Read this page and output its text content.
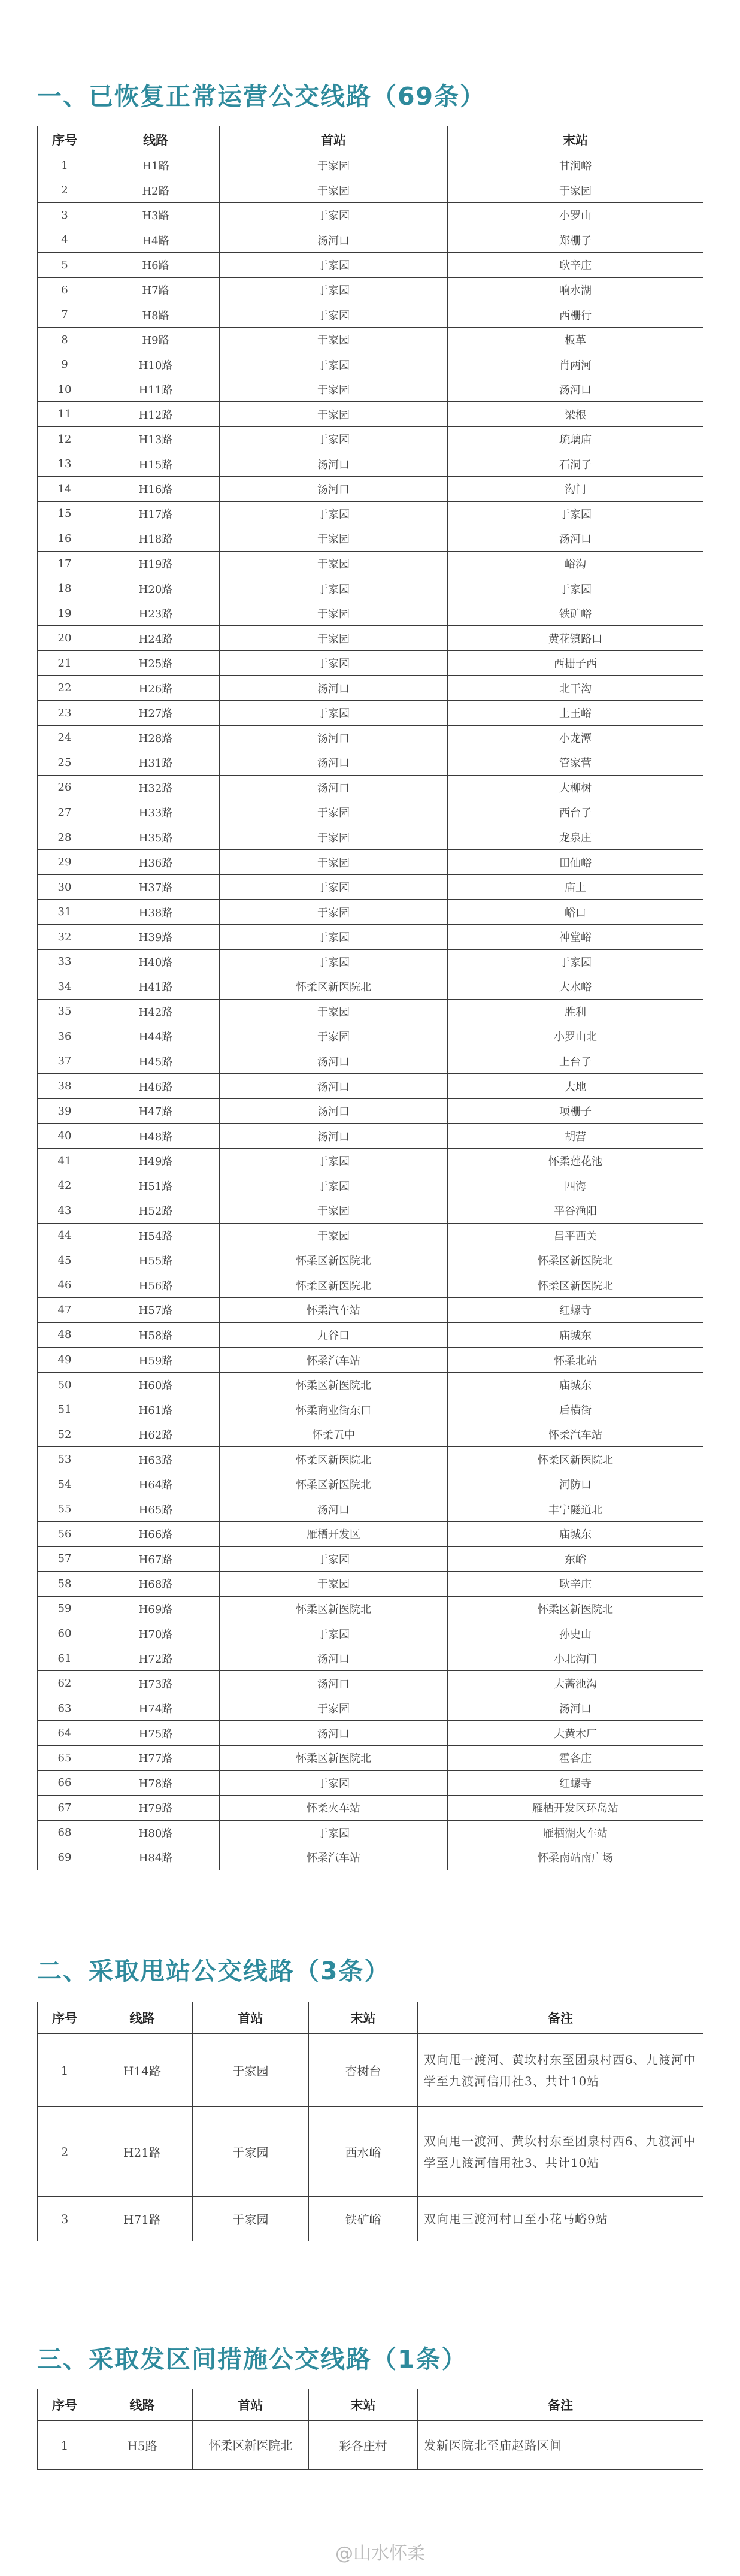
一、已恢复正常运营公交线路（69条）
序号	线路	首站	末站
1	H1路	于家园	甘涧峪
2	H2路	于家园	于家园
3	H3路	于家园	小罗山
4	H4路	汤河口	郑栅子
5	H6路	于家园	耿辛庄
6	H7路	于家园	响水湖
7	H8路	于家园	西栅行
8	H9路	于家园	板革
9	H10路	于家园	肖两河
10	H11路	于家园	汤河口
11	H12路	于家园	梁根
12	H13路	于家园	琉璃庙
13	H15路	汤河口	石洞子
14	H16路	汤河口	沟门
15	H17路	于家园	于家园
16	H18路	于家园	汤河口
17	H19路	于家园	峪沟
18	H20路	于家园	于家园
19	H23路	于家园	铁矿峪
20	H24路	于家园	黄花镇路口
21	H25路	于家园	西栅子西
22	H26路	汤河口	北干沟
23	H27路	于家园	上王峪
24	H28路	汤河口	小龙潭
25	H31路	汤河口	管家营
26	H32路	汤河口	大柳树
27	H33路	于家园	西台子
28	H35路	于家园	龙泉庄
29	H36路	于家园	田仙峪
30	H37路	于家园	庙上
31	H38路	于家园	峪口
32	H39路	于家园	神堂峪
33	H40路	于家园	于家园
34	H41路	怀柔区新医院北	大水峪
35	H42路	于家园	胜利
36	H44路	于家园	小罗山北
37	H45路	汤河口	上台子
38	H46路	汤河口	大地
39	H47路	汤河口	项栅子
40	H48路	汤河口	胡营
41	H49路	于家园	怀柔莲花池
42	H51路	于家园	四海
43	H52路	于家园	平谷渔阳
44	H54路	于家园	昌平西关
45	H55路	怀柔区新医院北	怀柔区新医院北
46	H56路	怀柔区新医院北	怀柔区新医院北
47	H57路	怀柔汽车站	红螺寺
48	H58路	九谷口	庙城东
49	H59路	怀柔汽车站	怀柔北站
50	H60路	怀柔区新医院北	庙城东
51	H61路	怀柔商业街东口	后横街
52	H62路	怀柔五中	怀柔汽车站
53	H63路	怀柔区新医院北	怀柔区新医院北
54	H64路	怀柔区新医院北	河防口
55	H65路	汤河口	丰宁隧道北
56	H66路	雁栖开发区	庙城东
57	H67路	于家园	东峪
58	H68路	于家园	耿辛庄
59	H69路	怀柔区新医院北	怀柔区新医院北
60	H70路	于家园	孙史山
61	H72路	汤河口	小北沟门
62	H73路	汤河口	大蔷池沟
63	H74路	于家园	汤河口
64	H75路	汤河口	大黄木厂
65	H77路	怀柔区新医院北	霍各庄
66	H78路	于家园	红螺寺
67	H79路	怀柔火车站	雁栖开发区环岛站
68	H80路	于家园	雁栖湖火车站
69	H84路	怀柔汽车站	怀柔南站南广场
二、采取甩站公交线路（3条）
序号	线路	首站	末站	备注
1	H14路	于家园	杏树台	双向甩一渡河、黄坎村东至团泉村西6、九渡河中学至九渡河信用社3、共计10站
2	H21路	于家园	西水峪	双向甩一渡河、黄坎村东至团泉村西6、九渡河中学至九渡河信用社3、共计10站
3	H71路	于家园	铁矿峪	双向甩三渡河村口至小花马峪9站
三、采取发区间措施公交线路（1条）
序号	线路	首站	末站	备注
1	H5路	怀柔区新医院北	彩各庄村	发新医院北至庙赵路区间
@山水怀柔
